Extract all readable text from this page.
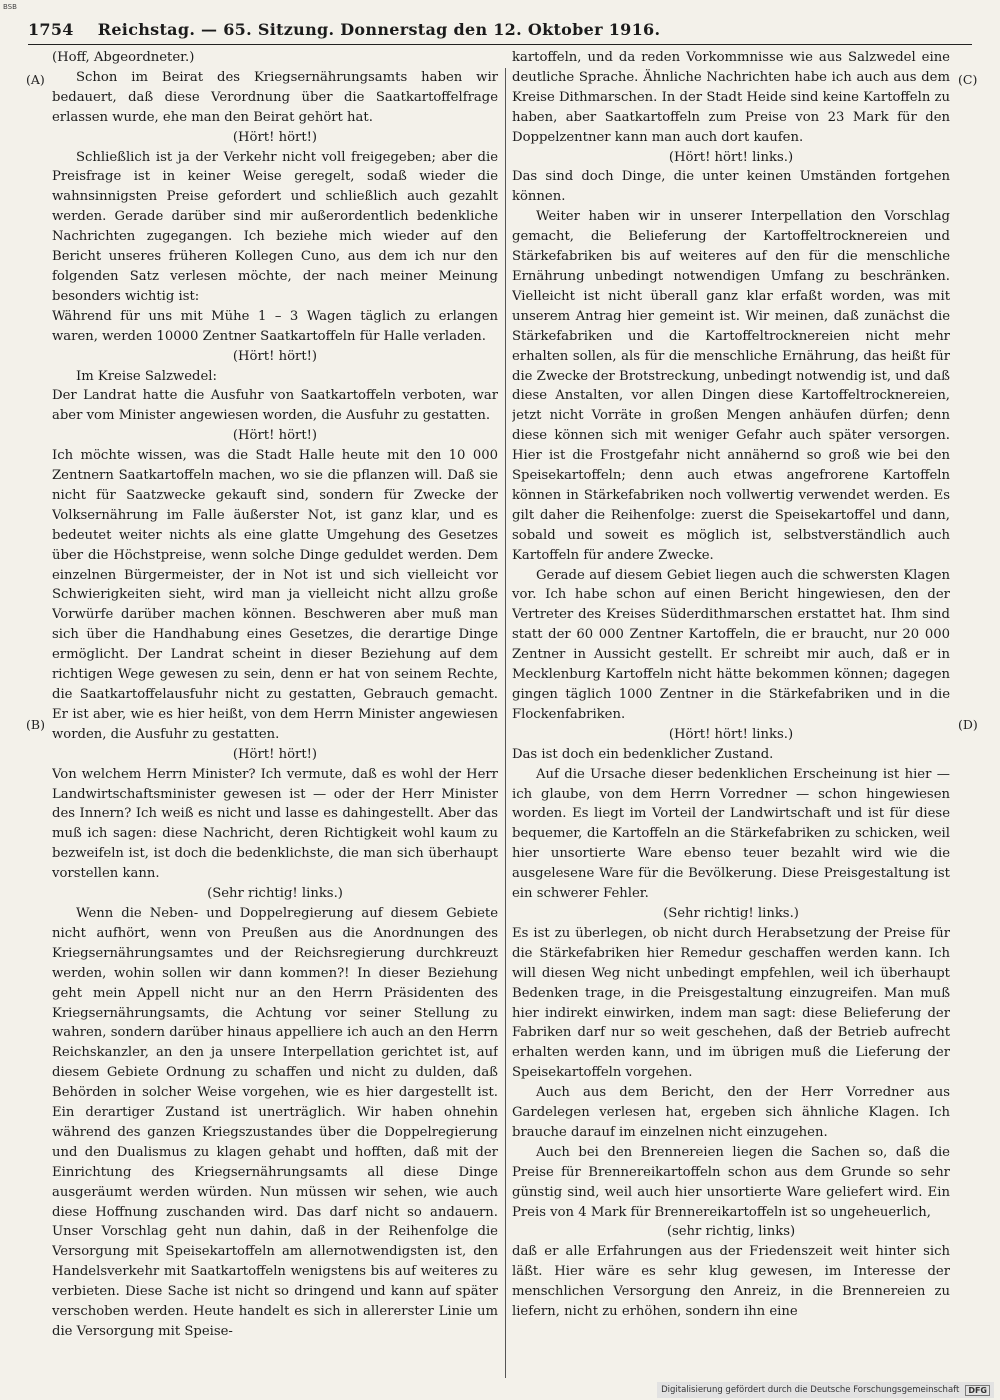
BSB
1754 Reichstag. — 65. Sitzung. Donnerstag den 12. Oktober 1916.
(A)
(B)
(C)
(D)

(Hoff, Abgeordneter.)

Schon im Beirat des Kriegsernährungsamts haben wir bedauert, daß diese Verordnung über die Saatkartoffelfrage erlassen wurde, ehe man den Beirat gehört hat.

(Hört! hört!)

Schließlich ist ja der Verkehr nicht voll freigegeben; aber die Preisfrage ist in keiner Weise geregelt, sodaß wieder die wahnsinnigsten Preise gefordert und schließlich auch gezahlt werden. Gerade darüber sind mir außerordentlich bedenkliche Nachrichten zugegangen. Ich beziehe mich wieder auf den Bericht unseres früheren Kollegen Cuno, aus dem ich nur den folgenden Satz verlesen möchte, der nach meiner Meinung besonders wichtig ist:

Während für uns mit Mühe 1 – 3 Wagen täglich zu erlangen waren, werden 10000 Zentner Saatkartoffeln für Halle verladen.

(Hört! hört!)

Im Kreise Salzwedel:

Der Landrat hatte die Ausfuhr von Saatkartoffeln verboten, war aber vom Minister angewiesen worden, die Ausfuhr zu gestatten.

(Hört! hört!)

Ich möchte wissen, was die Stadt Halle heute mit den 10 000 Zentnern Saatkartoffeln machen, wo sie die pflanzen will. Daß sie nicht für Saatzwecke gekauft sind, sondern für Zwecke der Volksernährung im Falle äußerster Not, ist ganz klar, und es bedeutet weiter nichts als eine glatte Umgehung des Gesetzes über die Höchstpreise, wenn solche Dinge geduldet werden. Dem einzelnen Bürgermeister, der in Not ist und sich vielleicht vor Schwierigkeiten sieht, wird man ja vielleicht nicht allzu große Vorwürfe darüber machen können. Beschweren aber muß man sich über die Handhabung eines Gesetzes, die derartige Dinge ermöglicht. Der Landrat scheint in dieser Beziehung auf dem richtigen Wege gewesen zu sein, denn er hat von seinem Rechte, die Saatkartoffelausfuhr nicht zu gestatten, Gebrauch gemacht. Er ist aber, wie es hier heißt, von dem Herrn Minister angewiesen worden, die Ausfuhr zu gestatten.

(Hört! hört!)

Von welchem Herrn Minister? Ich vermute, daß es wohl der Herr Landwirtschaftsminister gewesen ist — oder der Herr Minister des Innern? Ich weiß es nicht und lasse es dahingestellt. Aber das muß ich sagen: diese Nachricht, deren Richtigkeit wohl kaum zu bezweifeln ist, ist doch die bedenklichste, die man sich überhaupt vorstellen kann.

(Sehr richtig! links.)

Wenn die Neben- und Doppelregierung auf diesem Gebiete nicht aufhört, wenn von Preußen aus die Anordnungen des Kriegsernährungsamtes und der Reichsregierung durchkreuzt werden, wohin sollen wir dann kommen?! In dieser Beziehung geht mein Appell nicht nur an den Herrn Präsidenten des Kriegsernährungsamts, die Achtung vor seiner Stellung zu wahren, sondern darüber hinaus appelliere ich auch an den Herrn Reichskanzler, an den ja unsere Interpellation gerichtet ist, auf diesem Gebiete Ordnung zu schaffen und nicht zu dulden, daß Behörden in solcher Weise vorgehen, wie es hier dargestellt ist. Ein derartiger Zustand ist unerträglich. Wir haben ohnehin während des ganzen Kriegszustandes über die Doppelregierung und den Dualismus zu klagen gehabt und hofften, daß mit der Einrichtung des Kriegsernährungsamts all diese Dinge ausgeräumt werden würden. Nun müssen wir sehen, wie auch diese Hoffnung zuschanden wird. Das darf nicht so andauern. Unser Vorschlag geht nun dahin, daß in der Reihenfolge die Versorgung mit Speisekartoffeln am allernotwendigsten ist, den Handelsverkehr mit Saatkartoffeln wenigstens bis auf weiteres zu verbieten. Diese Sache ist nicht so dringend und kann auf später verschoben werden. Heute handelt es sich in allererster Linie um die Versorgung mit Speise-

kartoffeln, und da reden Vorkommnisse wie aus Salzwedel eine deutliche Sprache. Ähnliche Nachrichten habe ich auch aus dem Kreise Dithmarschen. In der Stadt Heide sind keine Kartoffeln zu haben, aber Saatkartoffeln zum Preise von 23 Mark für den Doppelzentner kann man auch dort kaufen.

(Hört! hört! links.)

Das sind doch Dinge, die unter keinen Umständen fortgehen können.

Weiter haben wir in unserer Interpellation den Vorschlag gemacht, die Belieferung der Kartoffeltrocknereien und Stärkefabriken bis auf weiteres auf den für die menschliche Ernährung unbedingt notwendigen Umfang zu beschränken. Vielleicht ist nicht überall ganz klar erfaßt worden, was mit unserem Antrag hier gemeint ist. Wir meinen, daß zunächst die Stärkefabriken und die Kartoffeltrocknereien nicht mehr erhalten sollen, als für die menschliche Ernährung, das heißt für die Zwecke der Brotstreckung, unbedingt notwendig ist, und daß diese Anstalten, vor allen Dingen diese Kartoffeltrocknereien, jetzt nicht Vorräte in großen Mengen anhäufen dürfen; denn diese können sich mit weniger Gefahr auch später versorgen. Hier ist die Frostgefahr nicht annähernd so groß wie bei den Speisekartoffeln; denn auch etwas angefrorene Kartoffeln können in Stärkefabriken noch vollwertig verwendet werden. Es gilt daher die Reihenfolge: zuerst die Speisekartoffel und dann, sobald und soweit es möglich ist, selbstverständlich auch Kartoffeln für andere Zwecke.

Gerade auf diesem Gebiet liegen auch die schwersten Klagen vor. Ich habe schon auf einen Bericht hingewiesen, den der Vertreter des Kreises Süderdithmarschen erstattet hat. Ihm sind statt der 60 000 Zentner Kartoffeln, die er braucht, nur 20 000 Zentner in Aussicht gestellt. Er schreibt mir auch, daß er in Mecklenburg Kartoffeln nicht hätte bekommen können; dagegen gingen täglich 1000 Zentner in die Stärkefabriken und in die Flockenfabriken.

(Hört! hört! links.)

Das ist doch ein bedenklicher Zustand.

Auf die Ursache dieser bedenklichen Erscheinung ist hier — ich glaube, von dem Herrn Vorredner — schon hingewiesen worden. Es liegt im Vorteil der Landwirtschaft und ist für diese bequemer, die Kartoffeln an die Stärkefabriken zu schicken, weil hier unsortierte Ware ebenso teuer bezahlt wird wie die ausgelesene Ware für die Bevölkerung. Diese Preisgestaltung ist ein schwerer Fehler.

(Sehr richtig! links.)

Es ist zu überlegen, ob nicht durch Herabsetzung der Preise für die Stärkefabriken hier Remedur geschaffen werden kann. Ich will diesen Weg nicht unbedingt empfehlen, weil ich überhaupt Bedenken trage, in die Preisgestaltung einzugreifen. Man muß hier indirekt einwirken, indem man sagt: diese Belieferung der Fabriken darf nur so weit geschehen, daß der Betrieb aufrecht erhalten werden kann, und im übrigen muß die Lieferung der Speisekartoffeln vorgehen.

Auch aus dem Bericht, den der Herr Vorredner aus Gardelegen verlesen hat, ergeben sich ähnliche Klagen. Ich brauche darauf im einzelnen nicht einzugehen.

Auch bei den Brennereien liegen die Sachen so, daß die Preise für Brennereikartoffeln schon aus dem Grunde so sehr günstig sind, weil auch hier unsortierte Ware geliefert wird. Ein Preis von 4 Mark für Brennereikartoffeln ist so ungeheuerlich,

(sehr richtig, links)

daß er alle Erfahrungen aus der Friedenszeit weit hinter sich läßt. Hier wäre es sehr klug gewesen, im Interesse der menschlichen Versorgung den Anreiz, in die Brennereien zu liefern, nicht zu erhöhen, sondern ihn eine

Digitalisierung gefördert durch die Deutsche Forschungsgemeinschaft	DFG
